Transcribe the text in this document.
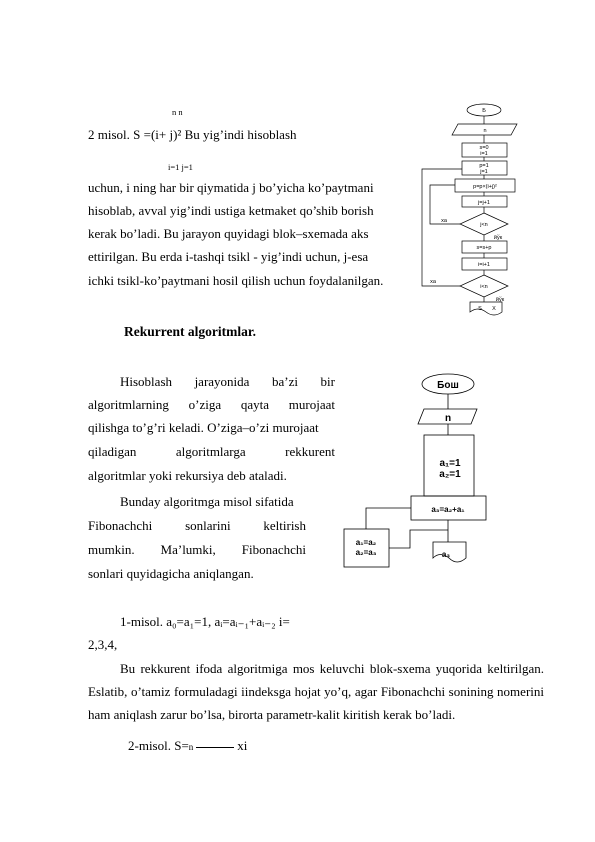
n n
2 misol. S =(i+ j)² Bu yig’indi hisoblash
i=1 j=1
uchun, i ning har bir qiymatida j bo’yicha ko’paytmani
hisoblab, avval yig’indi ustiga ketmaket qo’shib borish
kerak bo’ladi. Bu jarayon quyidagi blok–sxemada aks
ettirilgan. Bu erda i-tashqi tsikl - yig’indi uchun, j-esa
ichki tsikl-ko’paytmani hosil qilish uchun foydalanilgan.
Б
n
s=0
i=1
p=1
j=1
p=p×(i+j)²
j=j+1
j<n
xa
йўк
s=s+p
i=i+1
i<n
xa
йўк
S Х
Rekurrent algoritmlar.
Hisoblash jarayonida ba’zi bir
algoritmlarning o’ziga qayta murojaat
qilishga to’g’ri keladi. O’ziga–o’zi murojaat
qiladigan algoritmlarga rekkurent
algoritmlar yoki rekursiya deb ataladi.
Bunday algoritmga misol sifatida
Fibonachchi sonlarini keltirish
mumkin. Ma’lumki, Fibonachchi
sonlari quyidagicha aniqlangan.
Бош
n
a₁=1
a₂=1
a₃=a₂+a₁
a₁=a₂
a₂=a₃	a₃
1-misol. a₀=a₁=1, aᵢ=aᵢ₋₁+aᵢ₋₂ i=
2,3,4,

Bu rekkurent ifoda algoritmiga mos keluvchi blok-sxema yuqorida keltirilgan. Eslatib, o’tamiz formuladagi iindeksga hojat yo’q, agar Fibonachchi sonining nomerini ham aniqlash zarur bo’lsa, birorta parametr-kalit kiritish kerak bo’ladi.

2-misol. S=n	xi
